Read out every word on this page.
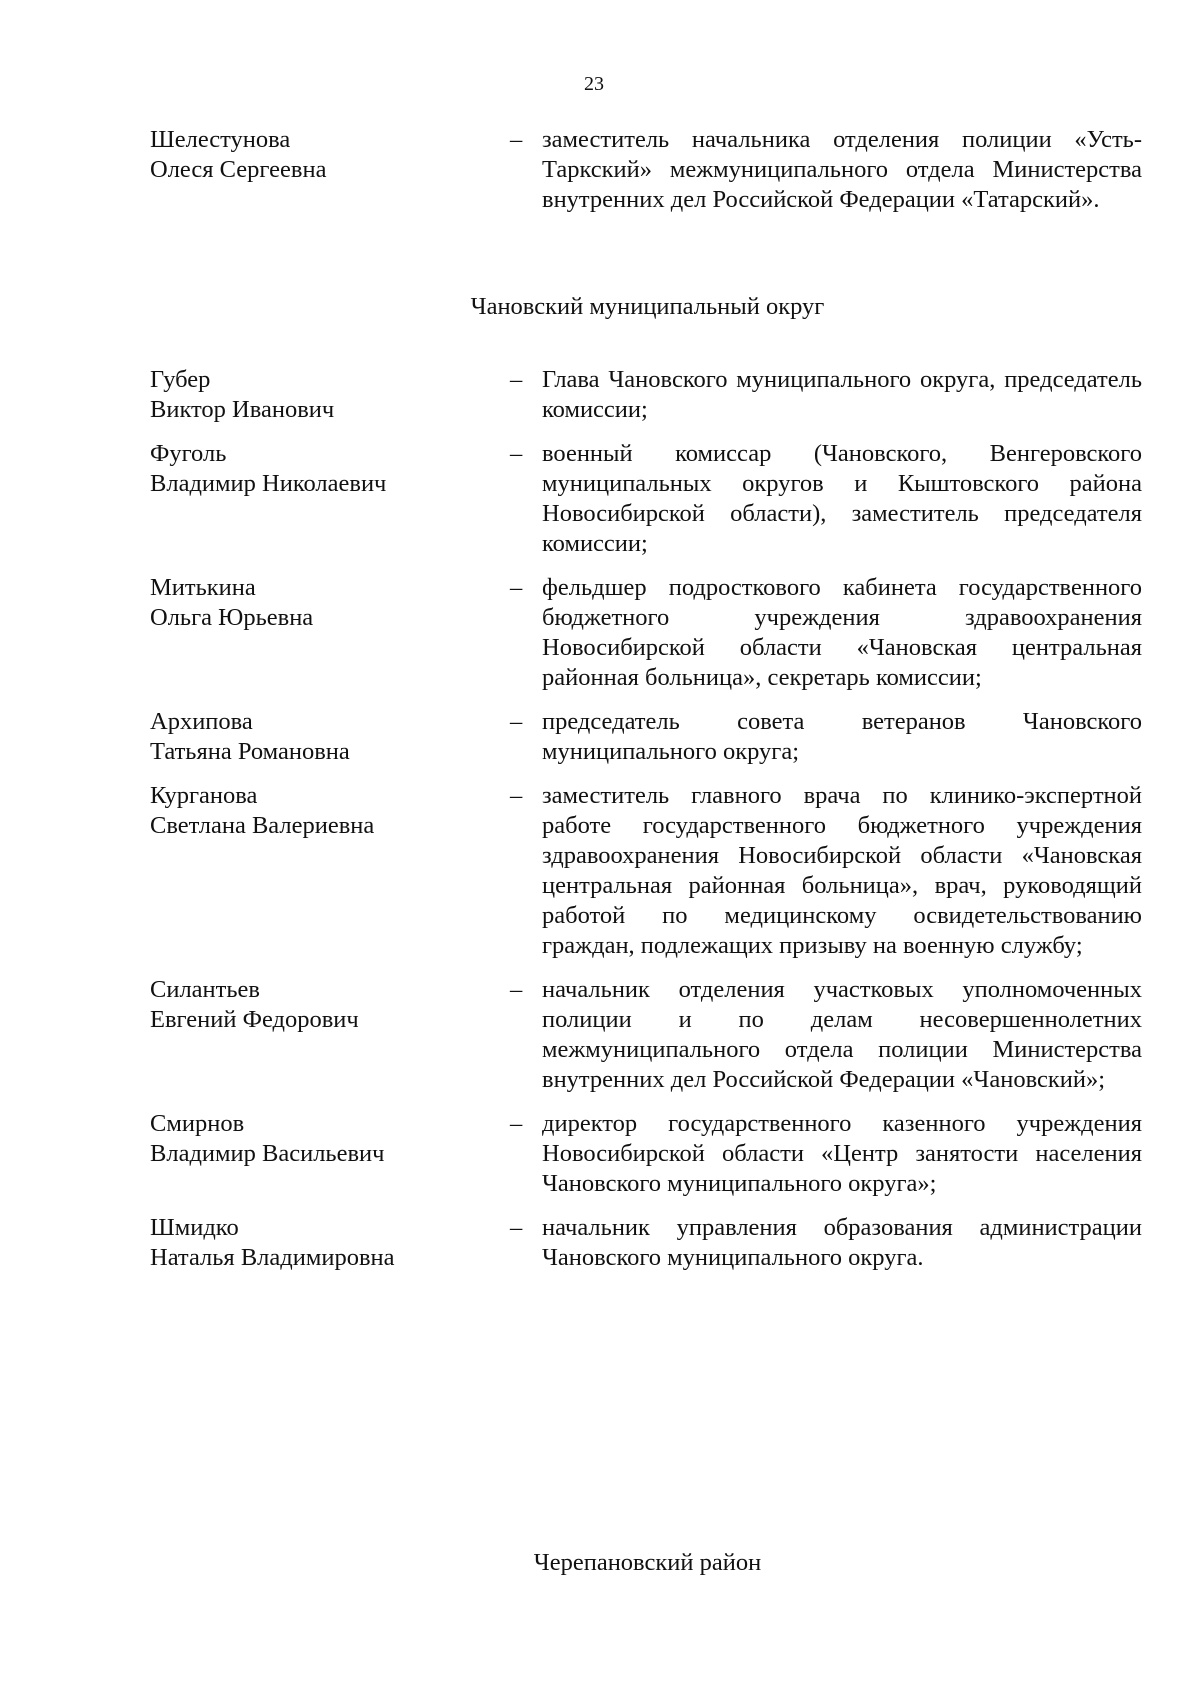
23
Шелестунова
Олеся Сергеевна
– заместитель начальника отделения полиции «Усть-Таркский» межмуниципального отдела Министерства внутренних дел Российской Федерации «Татарский».
Чановский муниципальный округ
Губер
Виктор Иванович
– Глава Чановского муниципального округа, председатель комиссии;
Фуголь
Владимир Николаевич
– военный комиссар (Чановского, Венгеровского муниципальных округов и Кыштовского района Новосибирской области), заместитель председателя комиссии;
Митькина
Ольга Юрьевна
– фельдшер подросткового кабинета государственного бюджетного учреждения здравоохранения Новосибирской области «Чановская центральная районная больница», секретарь комиссии;
Архипова
Татьяна Романовна
– председатель совета ветеранов Чановского муниципального округа;
Курганова
Светлана Валериевна
– заместитель главного врача по клинико-экспертной работе государственного бюджетного учреждения здравоохранения Новосибирской области «Чановская центральная районная больница», врач, руководящий работой по медицинскому освидетельствованию граждан, подлежащих призыву на военную службу;
Силантьев
Евгений Федорович
– начальник отделения участковых уполномоченных полиции и по делам несовершеннолетних межмуниципального отдела полиции Министерства внутренних дел Российской Федерации «Чановский»;
Смирнов
Владимир Васильевич
– директор государственного казенного учреждения Новосибирской области «Центр занятости населения Чановского муниципального округа»;
Шмидко
Наталья Владимировна
– начальник управления образования администрации Чановского муниципального округа.
Черепановский район
